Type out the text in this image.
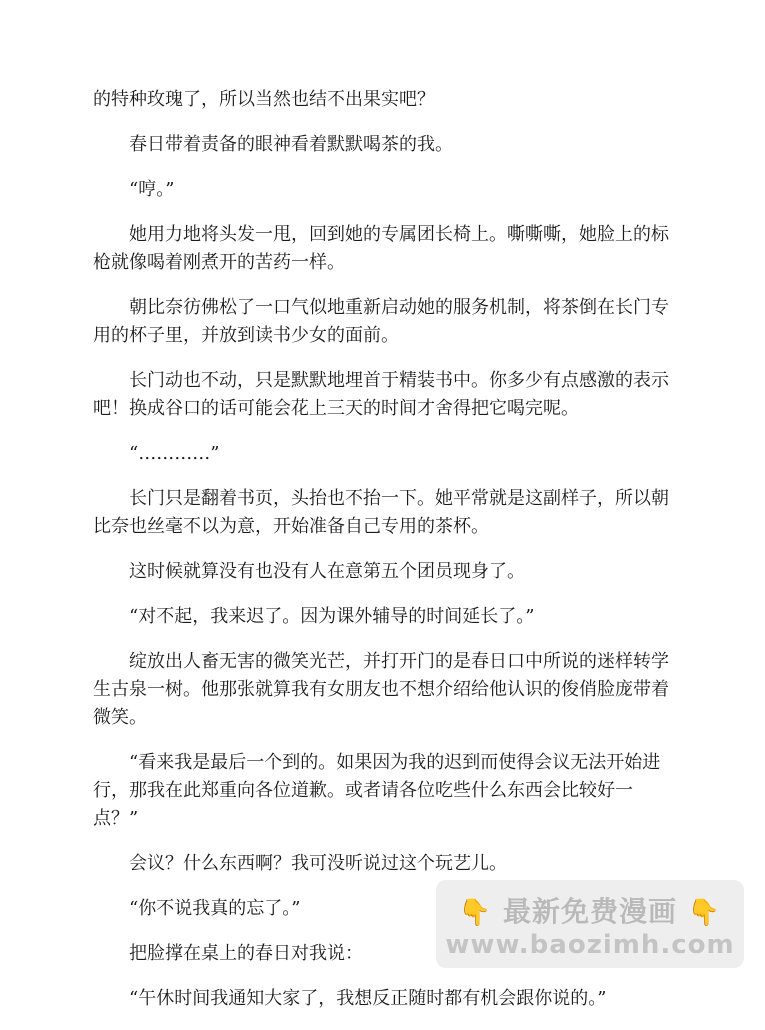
的特种玫瑰了，所以当然也结不出果实吧？

春日带着责备的眼神看着默默喝茶的我。

“哼。”

她用力地将头发一甩，回到她的专属团长椅上。嘶嘶嘶，她脸上的标枪就像喝着刚煮开的苦药一样。

朝比奈彷佛松了一口气似地重新启动她的服务机制，将茶倒在长门专用的杯子里，并放到读书少女的面前。

长门动也不动，只是默默地埋首于精装书中。你多少有点感激的表示吧！换成谷口的话可能会花上三天的时间才舍得把它喝完呢。

“…………”

长门只是翻着书页，头抬也不抬一下。她平常就是这副样子，所以朝比奈也丝毫不以为意，开始准备自己专用的茶杯。

这时候就算没有也没有人在意第五个团员现身了。

“对不起，我来迟了。因为课外辅导的时间延长了。”

绽放出人畜无害的微笑光芒，并打开门的是春日口中所说的迷样转学生古泉一树。他那张就算我有女朋友也不想介绍给他认识的俊俏脸庞带着微笑。

“看来我是最后一个到的。如果因为我的迟到而使得会议无法开始进行，那我在此郑重向各位道歉。或者请各位吃些什么东西会比较好一点？”

会议？什么东西啊？我可没听说过这个玩艺儿。

“你不说我真的忘了。”

把脸撑在桌上的春日对我说：

“午休时间我通知大家了，我想反正随时都有机会跟你说的。”

👇 最新免费漫画 👇
www.baozimh.com
